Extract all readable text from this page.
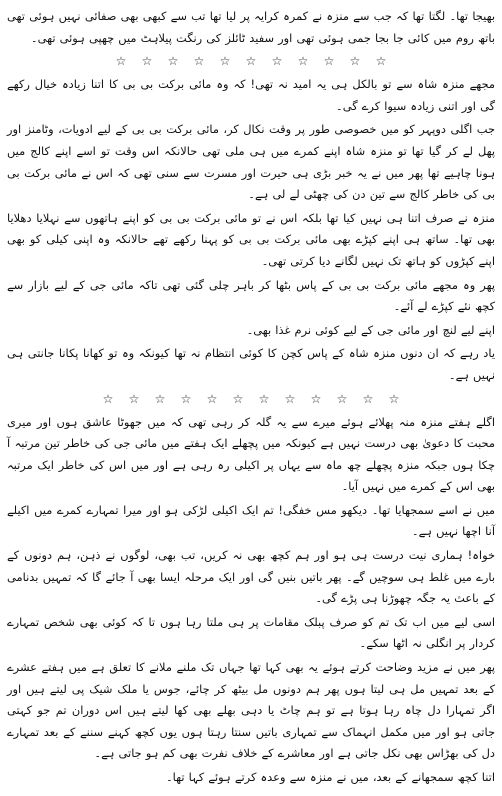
بھیجا تھا۔ لگتا تھا کہ جب سے منزہ نے کمرہ کرایہ پر لیا تھا تب سے کبھی بھی صفائی نہیں ہوئی تھی باتھ روم میں کائی جا بجا جمی ہوئی تھی اور سفید ٹائلز کی رنگت پیلاہٹ میں چھپی ہوئی تھی۔

☆
☆
☆
☆
☆
☆
☆
☆
☆
☆
☆

مجھے منزہ شاہ سے تو بالکل ہی یہ امید نہ تھی! کہ وہ مائی برکت بی بی کا اتنا زیادہ خیال رکھے گی اور اتنی زیادہ سیوا کرے گی۔

جب اگلی دوپہر کو میں خصوصی طور پر وقت نکال کر، مائی برکت بی بی کے لیے ادویات، وٹامنز اور پھل لے کر گیا تھا تو منزہ شاہ اپنے کمرے میں ہی ملی تھی حالانکہ اس وقت تو اسے اپنے کالج میں ہونا چاہیے تھا پھر میں نے یہ خبر بڑی ہی حیرت اور مسرت سے سنی تھی کہ اس نے مائی برکت بی بی کی خاطر کالج سے تین دن کی چھٹی لے لی ہے۔

منزہ نے صرف اتنا ہی نہیں کیا تھا بلکہ اس نے تو مائی برکت بی بی کو اپنے ہاتھوں سے نہلایا دھلایا بھی تھا۔ ساتھ ہی اپنے کپڑے بھی مائی برکت بی بی کو پہنا رکھے تھے حالانکہ وہ اپنی کیلی کو بھی اپنے کپڑوں کو ہاتھ تک نہیں لگانے دیا کرتی تھی۔

پھر وہ مجھے مائی برکت بی بی کے پاس بٹھا کر باہر چلی گئی تھی تاکہ مائی جی کے لیے بازار سے کچھ نئے کپڑے لے آئے۔

اپنے لیے لنچ اور مائی جی کے لیے کوئی نرم غذا بھی۔

یاد رہے کہ ان دنوں منزہ شاہ کے پاس کچن کا کوئی انتظام نہ تھا کیونکہ وہ تو کھانا پکانا جانتی ہی نہیں ہے۔

☆
☆
☆
☆
☆
☆
☆
☆
☆
☆
☆
☆

اگلے ہفتے منزہ منہ پھلائے ہوئے میرے سے یہ گلہ کر رہی تھی کہ میں جھوٹا عاشق ہوں اور میری محبت کا دعویٰ بھی درست نہیں ہے کیونکہ میں پچھلے ایک ہفتے میں مائی جی کی خاطر تین مرتبہ آ چکا ہوں جبکہ منزہ پچھلے چھ ماہ سے یہاں پر اکیلی رہ رہی ہے اور میں اس کی خاطر ایک مرتبہ بھی اس کے کمرے میں نہیں آیا۔

میں نے اسے سمجھایا تھا۔ دیکھو مس خفگی! تم ایک اکیلی لڑکی ہو اور میرا تمہارے کمرے میں اکیلے آنا اچھا نہیں ہے۔

خواہ! ہماری نیت درست ہی ہو اور ہم کچھ بھی نہ کریں، تب بھی، لوگوں نے ذہن، ہم دونوں کے بارے میں غلط ہی سوچیں گے۔ پھر باتیں بنیں گی اور ایک مرحلہ ایسا بھی آ جائے گا کہ تمہیں بدنامی کے باعث یہ جگہ چھوڑنا ہی پڑے گی۔

اسی لیے میں اب تک تم کو صرف پبلک مقامات پر ہی ملتا رہا ہوں تا کہ کوئی بھی شخص تمہارے کردار پر انگلی نہ اٹھا سکے۔

پھر میں نے مزید وضاحت کرتے ہوئے یہ بھی کہا تھا جہاں تک ملنے ملانے کا تعلق ہے میں ہفتے عشرے کے بعد تمہیں مل ہی لیتا ہوں پھر ہم دونوں مل بیٹھ کر چائے، جوس یا ملک شیک پی لیتے ہیں اور اگر تمہارا دل چاہ رہا ہوتا ہے تو ہم چاٹ یا دہی بھلے بھی کھا لیتے ہیں اس دوران تم جو کہتی جاتی ہو اور میں مکمل انہماک سے تمہاری باتیں سنتا رہتا ہوں یوں کچھ کہنے سننے کے بعد تمہارے دل کی بھڑاس بھی نکل جاتی ہے اور معاشرے کے خلاف نفرت بھی کم ہو جاتی ہے۔

اتنا کچھ سمجھانے کے بعد، میں نے منزہ سے وعدہ کرتے ہوئے کہا تھا۔
